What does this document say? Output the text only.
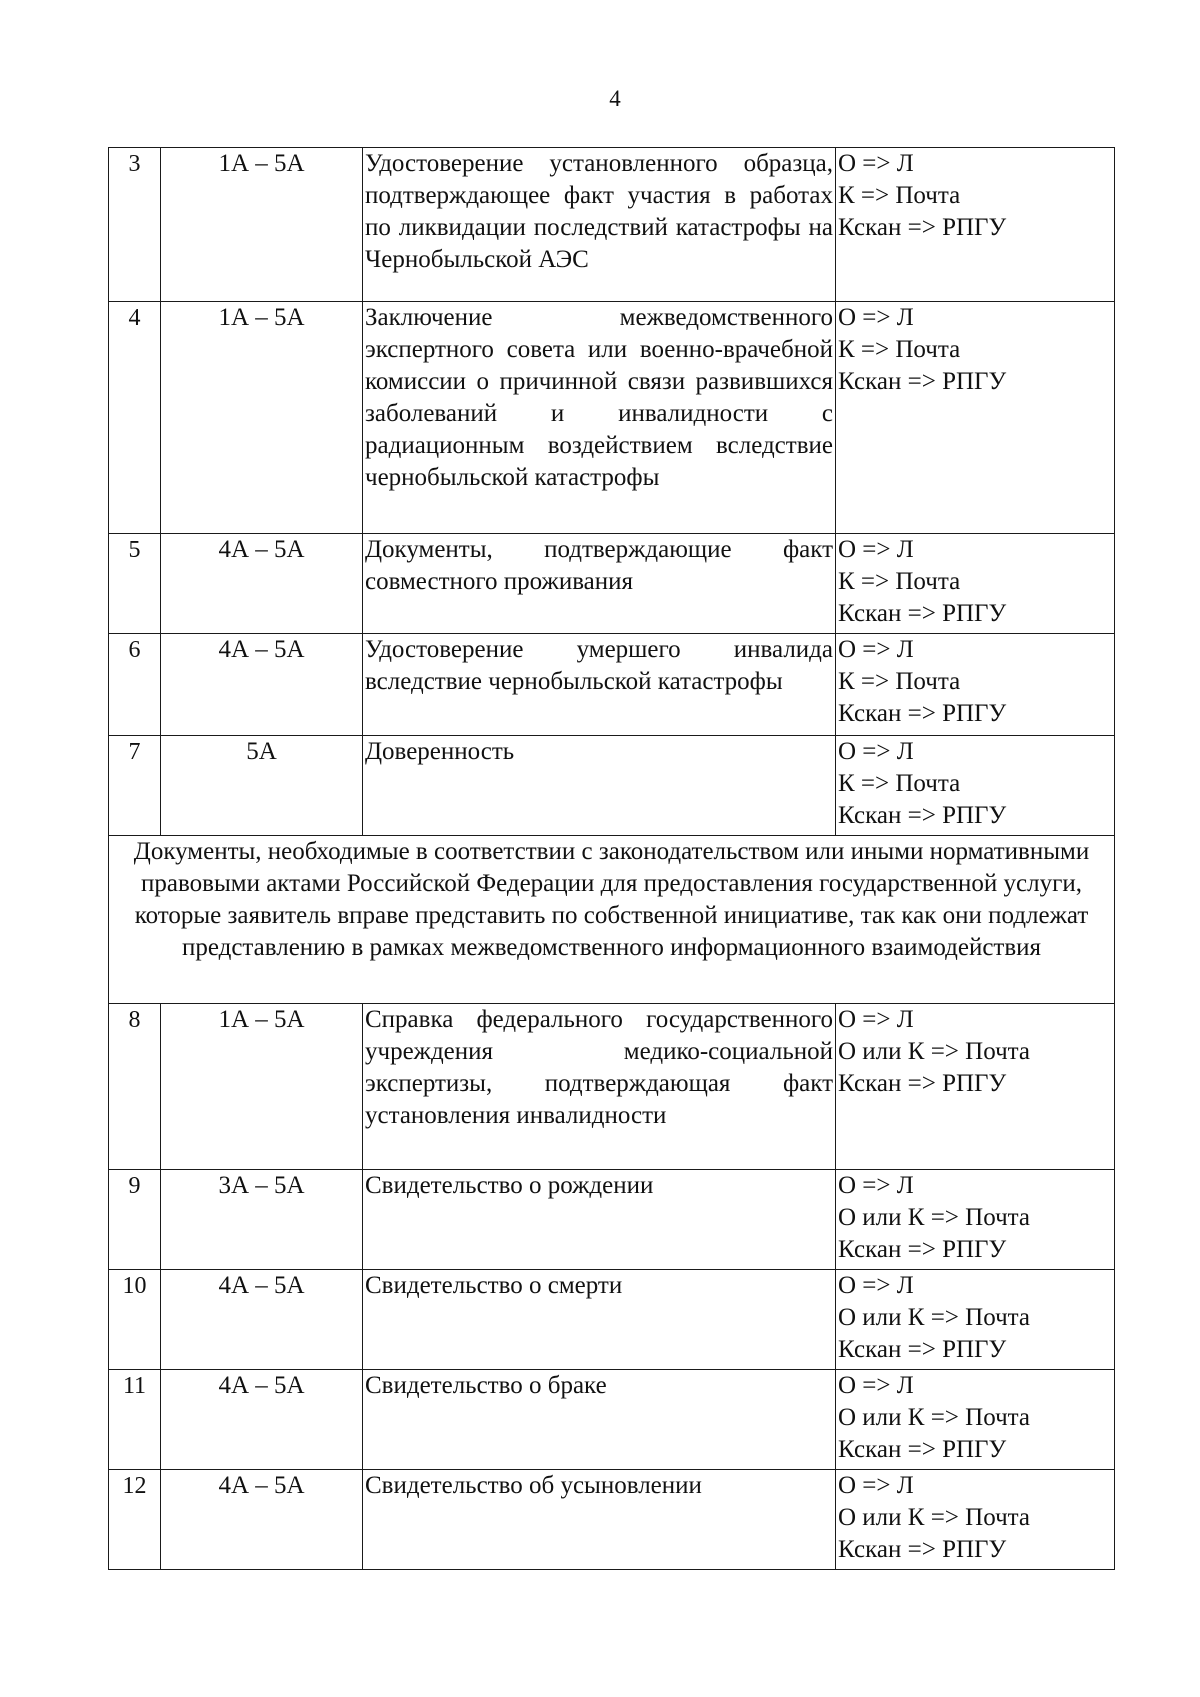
4
3	1А – 5А	Удостоверение установленного образца, подтверждающее факт участия в работах по ликвидации последствий катастрофы на Чернобыльской АЭС	О => Л
К => Почта
Кскан => РПГУ

4	1А – 5А	Заключение межведомственного экспертного совета или военно-врачебной комиссии о причинной связи развившихся заболеваний и инвалидности с радиационным воздействием вследствие чернобыльской катастрофы	О => Л
К => Почта
Кскан => РПГУ

5	4А – 5А	Документы, подтверждающие факт совместного проживания	О => Л
К => Почта
Кскан => РПГУ

6	4А – 5А	Удостоверение умершего инвалида вследствие чернобыльской катастрофы	О => Л
К => Почта
Кскан => РПГУ

7	5А	Доверенность	О => Л
К => Почта
Кскан => РПГУ

Документы, необходимые в соответствии с законодательством или иными нормативными правовыми актами Российской Федерации для предоставления государственной услуги, которые заявитель вправе представить по собственной инициативе, так как они подлежат представлению в рамках межведомственного информационного взаимодействия			
8	1А – 5А	Справка федерального государственного учреждения медико-социальной экспертизы, подтверждающая факт установления инвалидности	О => Л
О или К => Почта
Кскан => РПГУ

9	3А – 5А	Свидетельство о рождении	О => Л
О или К => Почта
Кскан => РПГУ

10	4А – 5А	Свидетельство о смерти	О => Л
О или К => Почта
Кскан => РПГУ

11	4А – 5А	Свидетельство о браке	О => Л
О или К => Почта
Кскан => РПГУ

12	4А – 5А	Свидетельство об усыновлении	О => Л
О или К => Почта
Кскан => РПГУ
